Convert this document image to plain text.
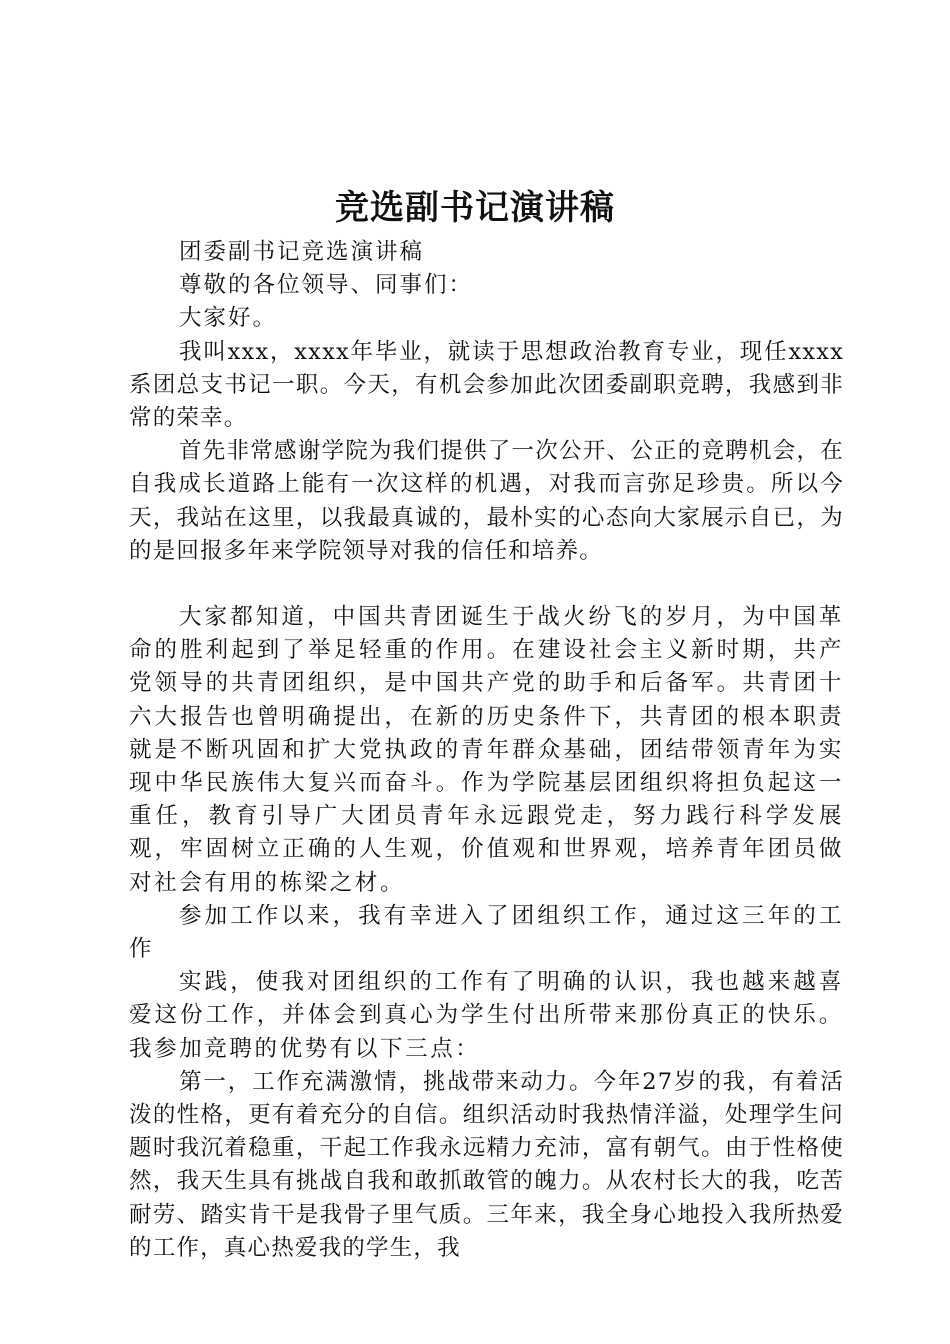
竞选副书记演讲稿

团委副书记竞选演讲稿

尊敬的各位领导、同事们：

大家好。

我叫xxx，xxxx年毕业，就读于思想政治教育专业，现任xxxx系团总支书记一职。今天，有机会参加此次团委副职竞聘，我感到非常的荣幸。

首先非常感谢学院为我们提供了一次公开、公正的竞聘机会，在自我成长道路上能有一次这样的机遇，对我而言弥足珍贵。所以今天，我站在这里，以我最真诚的，最朴实的心态向大家展示自已，为的是回报多年来学院领导对我的信任和培养。

大家都知道，中国共青团诞生于战火纷飞的岁月，为中国革命的胜利起到了举足轻重的作用。在建设社会主义新时期，共产党领导的共青团组织，是中国共产党的助手和后备军。共青团十六大报告也曾明确提出，在新的历史条件下，共青团的根本职责就是不断巩固和扩大党执政的青年群众基础，团结带领青年为实现中华民族伟大复兴而奋斗。作为学院基层团组织将担负起这一重任，教育引导广大团员青年永远跟党走，努力践行科学发展观，牢固树立正确的人生观，价值观和世界观，培养青年团员做对社会有用的栋梁之材。

参加工作以来，我有幸进入了团组织工作，通过这三年的工作

实践，使我对团组织的工作有了明确的认识，我也越来越喜爱这份工作，并体会到真心为学生付出所带来那份真正的快乐。我参加竞聘的优势有以下三点：

第一，工作充满激情，挑战带来动力。今年27岁的我，有着活泼的性格，更有着充分的自信。组织活动时我热情洋溢，处理学生问题时我沉着稳重，干起工作我永远精力充沛，富有朝气。由于性格使然，我天生具有挑战自我和敢抓敢管的魄力。从农村长大的我，吃苦耐劳、踏实肯干是我骨子里气质。三年来，我全身心地投入我所热爱的工作，真心热爱我的学生，我
